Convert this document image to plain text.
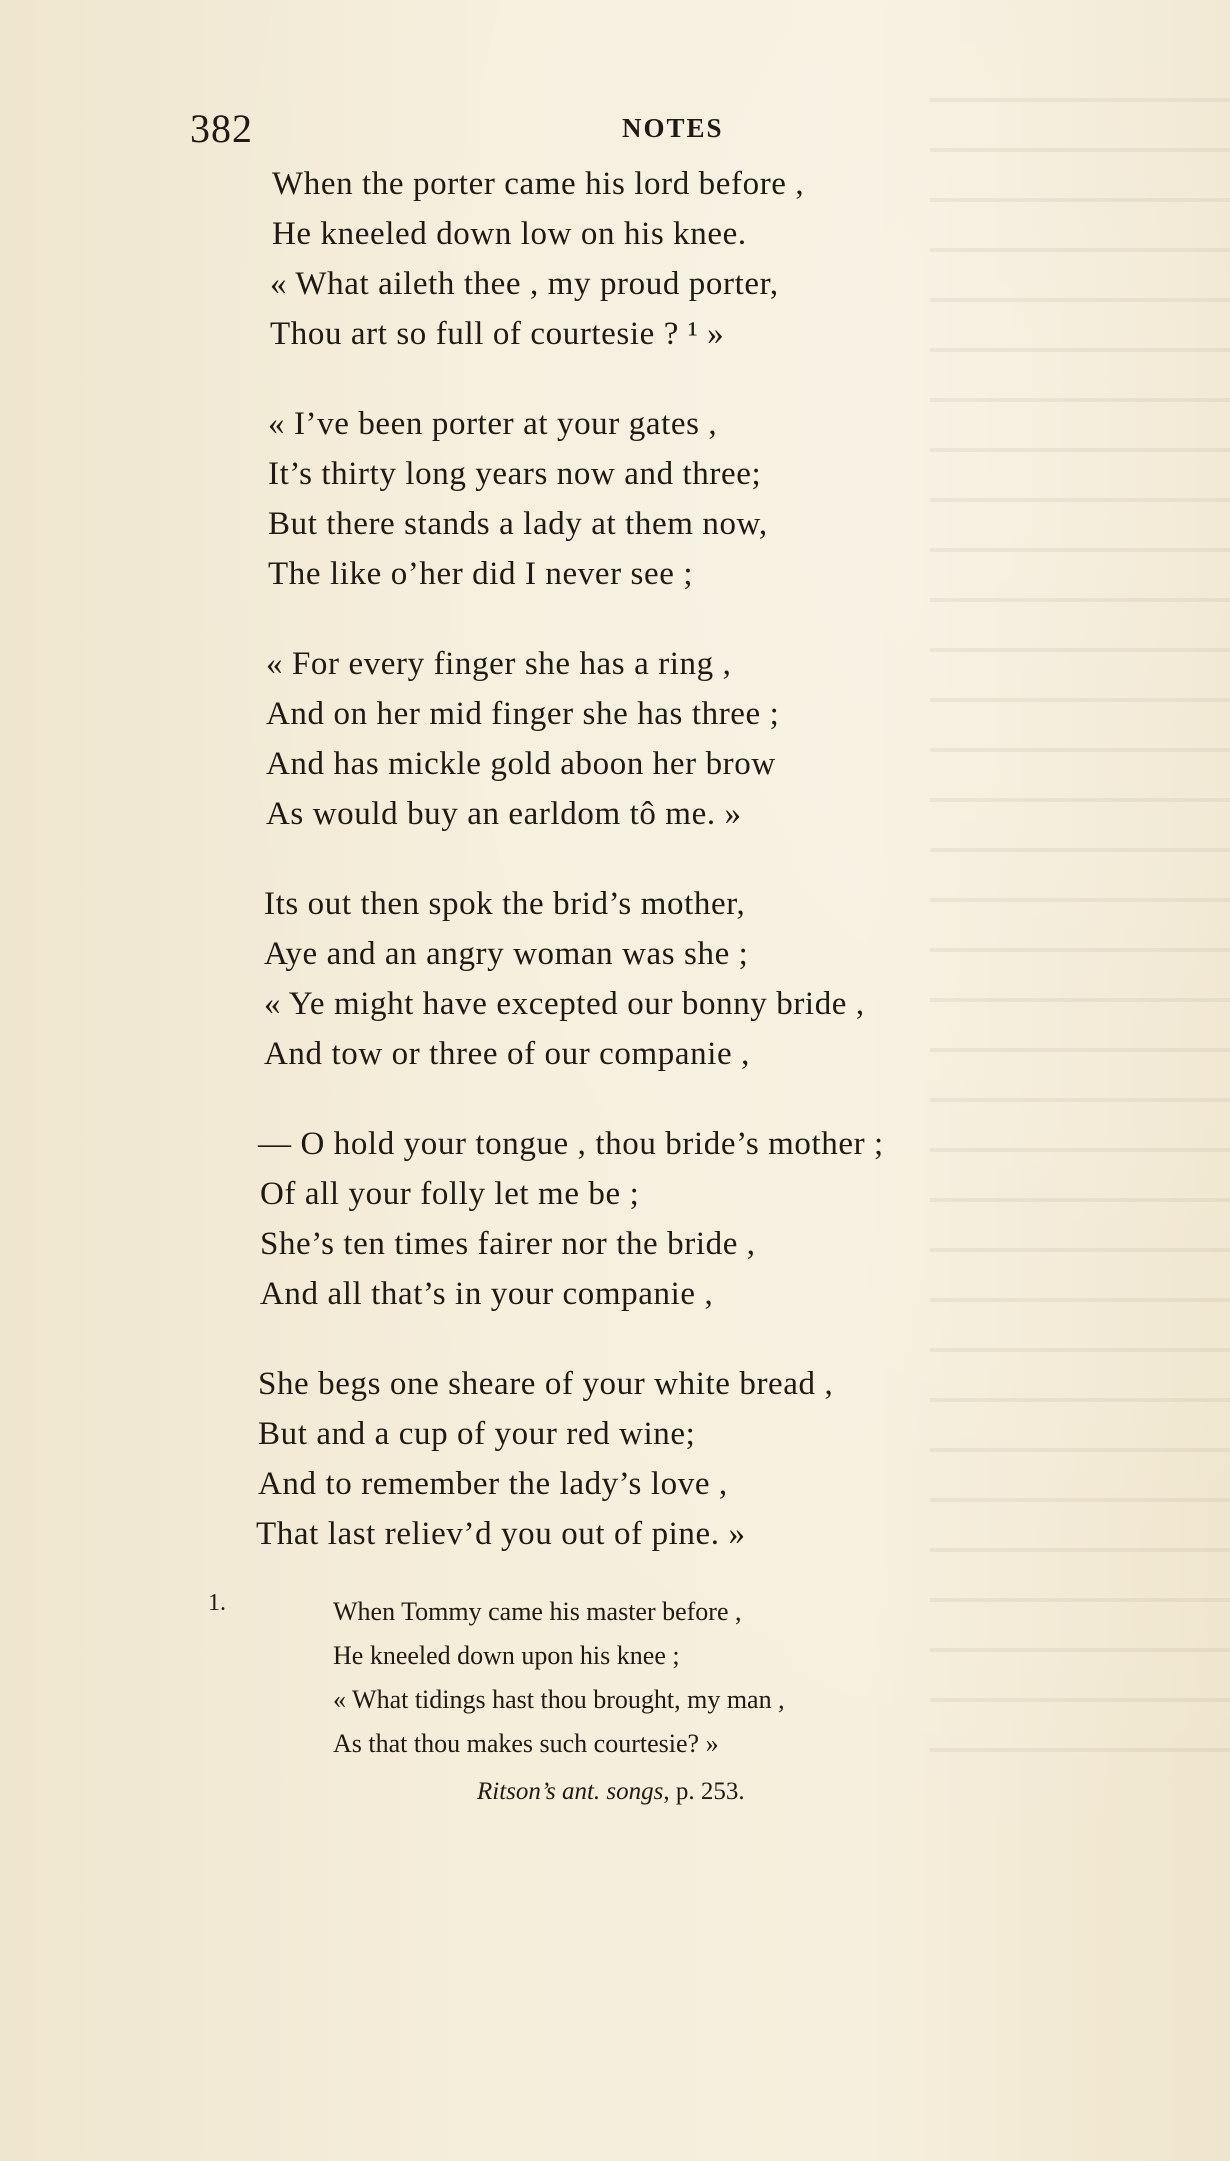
382	NOTES
When the porter came his lord before ,
He kneeled down low on his knee.
« What aileth thee , my proud porter,
Thou art so full of courtesie ? ¹ »
« I’ve been porter at your gates ,
It’s thirty long years now and three;
But there stands a lady at them now,
The like o’her did I never see ;
« For every finger she has a ring ,
And on her mid finger she has three ;
And has mickle gold aboon her brow
As would buy an earldom tô me. »
Its out then spok the brid’s mother,
Aye and an angry woman was she ;
« Ye might have excepted our bonny bride ,
And tow or three of our companie ,
— O hold your tongue , thou bride’s mother ;
Of all your folly let me be ;
She’s ten times fairer nor the bride ,
And all that’s in your companie ,
She begs one sheare of your white bread ,
But and a cup of your red wine;
And to remember the lady’s love ,
That last reliev’d you out of pine. »
1.	When Tommy came his master before ,
He kneeled down upon his knee ;
« What tidings hast thou brought, my man ,
As that thou makes such courtesie? »
Ritson’s ant. songs, p. 253.
